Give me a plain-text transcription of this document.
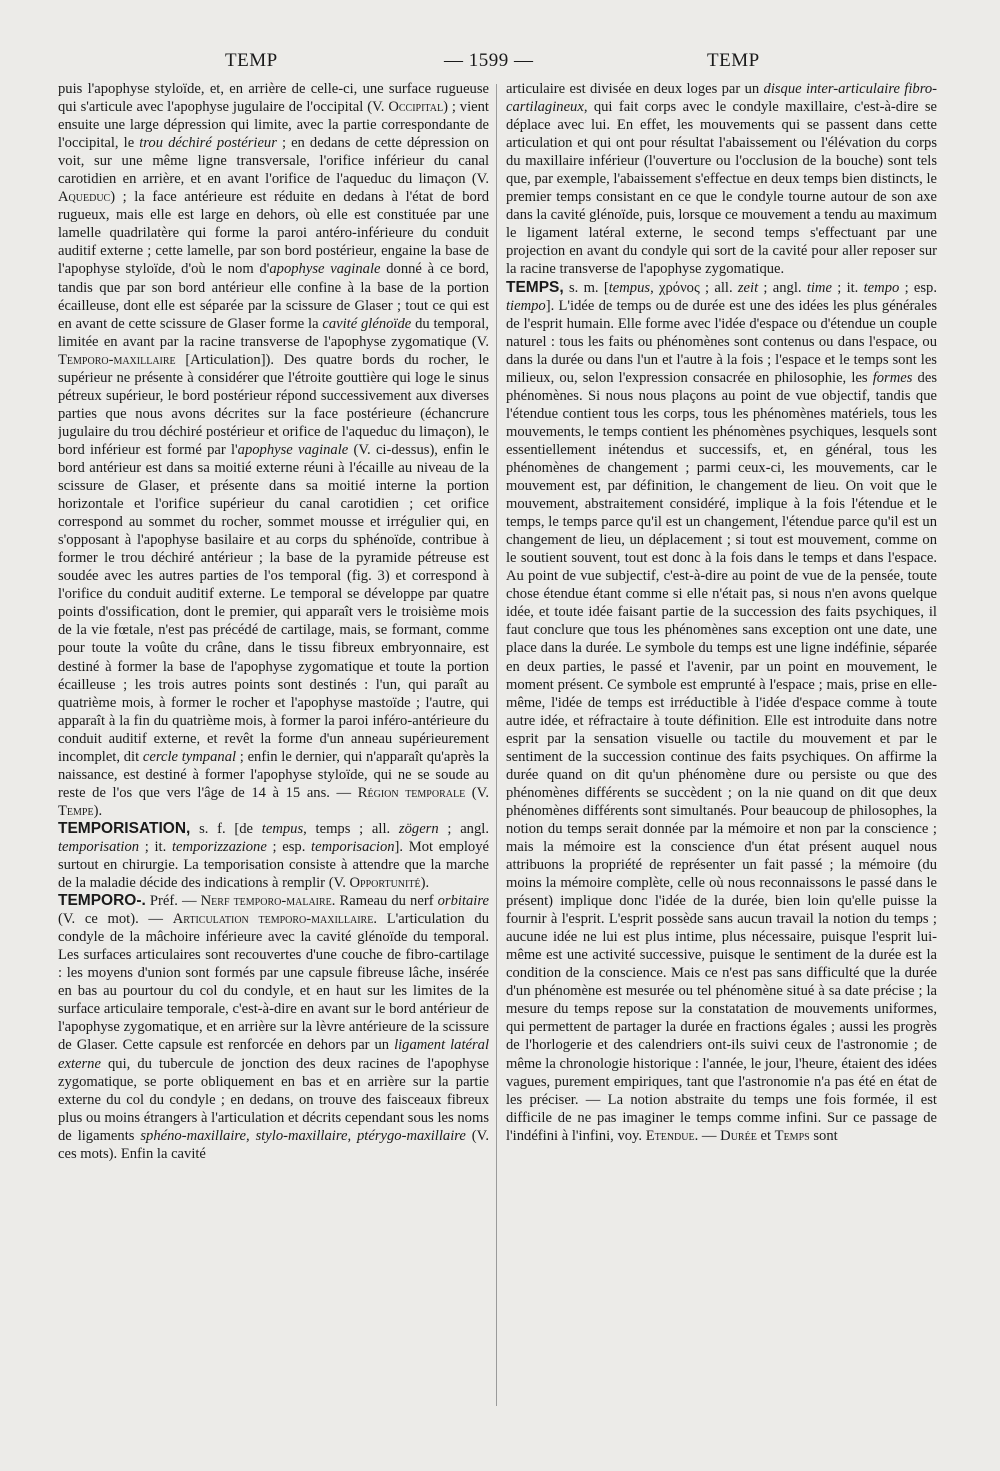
TEMP	— 1599 —	TEMP

puis l'apophyse styloïde, et, en arrière de celle-ci, une surface rugueuse qui s'articule avec l'apophyse jugulaire de l'occipital (V. Occipital) ; vient ensuite une large dépression qui limite, avec la partie correspondante de l'occipital, le trou déchiré postérieur ; en dedans de cette dépression on voit, sur une même ligne transversale, l'orifice inférieur du canal carotidien en arrière, et en avant l'orifice de l'aqueduc du limaçon (V. Aqueduc) ; la face antérieure est réduite en dedans à l'état de bord rugueux, mais elle est large en dehors, où elle est constituée par une lamelle quadrilatère qui forme la paroi antéro-inférieure du conduit auditif externe ; cette lamelle, par son bord postérieur, engaine la base de l'apophyse styloïde, d'où le nom d'apophyse vaginale donné à ce bord, tandis que par son bord antérieur elle confine à la base de la portion écailleuse, dont elle est séparée par la scissure de Glaser ; tout ce qui est en avant de cette scissure de Glaser forme la cavité glénoïde du temporal, limitée en avant par la racine transverse de l'apophyse zygomatique (V. Temporo-maxillaire [Articulation]). Des quatre bords du rocher, le supérieur ne présente à considérer que l'étroite gouttière qui loge le sinus pétreux supérieur, le bord postérieur répond successivement aux diverses parties que nous avons décrites sur la face postérieure (échancrure jugulaire du trou déchiré postérieur et orifice de l'aqueduc du limaçon), le bord inférieur est formé par l'apophyse vaginale (V. ci-dessus), enfin le bord antérieur est dans sa moitié externe réuni à l'écaille au niveau de la scissure de Glaser, et présente dans sa moitié interne la portion horizontale et l'orifice supérieur du canal carotidien ; cet orifice correspond au sommet du rocher, sommet mousse et irrégulier qui, en s'opposant à l'apophyse basilaire et au corps du sphénoïde, contribue à former le trou déchiré antérieur ; la base de la pyramide pétreuse est soudée avec les autres parties de l'os temporal (fig. 3) et correspond à l'orifice du conduit auditif externe. Le temporal se développe par quatre points d'ossification, dont le premier, qui apparaît vers le troisième mois de la vie fœtale, n'est pas précédé de cartilage, mais, se formant, comme pour toute la voûte du crâne, dans le tissu fibreux embryonnaire, est destiné à former la base de l'apophyse zygomatique et toute la portion écailleuse ; les trois autres points sont destinés : l'un, qui paraît au quatrième mois, à former le rocher et l'apophyse mastoïde ; l'autre, qui apparaît à la fin du quatrième mois, à former la paroi inféro-antérieure du conduit auditif externe, et revêt la forme d'un anneau supérieurement incomplet, dit cercle tympanal ; enfin le dernier, qui n'apparaît qu'après la naissance, est destiné à former l'apophyse styloïde, qui ne se soude au reste de l'os que vers l'âge de 14 à 15 ans. — Région temporale (V. Tempe).

TEMPORISATION, s. f. [de tempus, temps ; all. zögern ; angl. temporisation ; it. temporizzazione ; esp. temporisacion]. Mot employé surtout en chirurgie. La temporisation consiste à attendre que la marche de la maladie décide des indications à remplir (V. Opportunité).

TEMPORO-. Préf. — Nerf temporo-malaire. Rameau du nerf orbitaire (V. ce mot). — Articulation temporo-maxillaire. L'articulation du condyle de la mâchoire inférieure avec la cavité glénoïde du temporal. Les surfaces articulaires sont recouvertes d'une couche de fibro-cartilage : les moyens d'union sont formés par une capsule fibreuse lâche, insérée en bas au pourtour du col du condyle, et en haut sur les limites de la surface articulaire temporale, c'est-à-dire en avant sur le bord antérieur de l'apophyse zygomatique, et en arrière sur la lèvre antérieure de la scissure de Glaser. Cette capsule est renforcée en dehors par un ligament latéral externe qui, du tubercule de jonction des deux racines de l'apophyse zygomatique, se porte obliquement en bas et en arrière sur la partie externe du col du condyle ; en dedans, on trouve des faisceaux fibreux plus ou moins étrangers à l'articulation et décrits cependant sous les noms de ligaments sphéno-maxillaire, stylo-maxillaire, ptérygo-maxillaire (V. ces mots). Enfin la cavité

articulaire est divisée en deux loges par un disque inter-articulaire fibro-cartilagineux, qui fait corps avec le condyle maxillaire, c'est-à-dire se déplace avec lui. En effet, les mouvements qui se passent dans cette articulation et qui ont pour résultat l'abaissement ou l'élévation du corps du maxillaire inférieur (l'ouverture ou l'occlusion de la bouche) sont tels que, par exemple, l'abaissement s'effectue en deux temps bien distincts, le premier temps consistant en ce que le condyle tourne autour de son axe dans la cavité glénoïde, puis, lorsque ce mouvement a tendu au maximum le ligament latéral externe, le second temps s'effectuant par une projection en avant du condyle qui sort de la cavité pour aller reposer sur la racine transverse de l'apophyse zygomatique.

TEMPS, s. m. [tempus, χρόνος ; all. zeit ; angl. time ; it. tempo ; esp. tiempo]. L'idée de temps ou de durée est une des idées les plus générales de l'esprit humain. Elle forme avec l'idée d'espace ou d'étendue un couple naturel : tous les faits ou phénomènes sont contenus ou dans l'espace, ou dans la durée ou dans l'un et l'autre à la fois ; l'espace et le temps sont les milieux, ou, selon l'expression consacrée en philosophie, les formes des phénomènes. Si nous nous plaçons au point de vue objectif, tandis que l'étendue contient tous les corps, tous les phénomènes matériels, tous les mouvements, le temps contient les phénomènes psychiques, lesquels sont essentiellement inétendus et successifs, et, en général, tous les phénomènes de changement ; parmi ceux-ci, les mouvements, car le mouvement est, par définition, le changement de lieu. On voit que le mouvement, abstraitement considéré, implique à la fois l'étendue et le temps, le temps parce qu'il est un changement, l'étendue parce qu'il est un changement de lieu, un déplacement ; si tout est mouvement, comme on le soutient souvent, tout est donc à la fois dans le temps et dans l'espace. Au point de vue subjectif, c'est-à-dire au point de vue de la pensée, toute chose étendue étant comme si elle n'était pas, si nous n'en avons quelque idée, et toute idée faisant partie de la succession des faits psychiques, il faut conclure que tous les phénomènes sans exception ont une date, une place dans la durée. Le symbole du temps est une ligne indéfinie, séparée en deux parties, le passé et l'avenir, par un point en mouvement, le moment présent. Ce symbole est emprunté à l'espace ; mais, prise en elle-même, l'idée de temps est irréductible à l'idée d'espace comme à toute autre idée, et réfractaire à toute définition. Elle est introduite dans notre esprit par la sensation visuelle ou tactile du mouvement et par le sentiment de la succession continue des faits psychiques. On affirme la durée quand on dit qu'un phénomène dure ou persiste ou que des phénomènes différents se succèdent ; on la nie quand on dit que deux phénomènes différents sont simultanés. Pour beaucoup de philosophes, la notion du temps serait donnée par la mémoire et non par la conscience ; mais la mémoire est la conscience d'un état présent auquel nous attribuons la propriété de représenter un fait passé ; la mémoire (du moins la mémoire complète, celle où nous reconnaissons le passé dans le présent) implique donc l'idée de la durée, bien loin qu'elle puisse la fournir à l'esprit. L'esprit possède sans aucun travail la notion du temps ; aucune idée ne lui est plus intime, plus nécessaire, puisque l'esprit lui-même est une activité successive, puisque le sentiment de la durée est la condition de la conscience. Mais ce n'est pas sans difficulté que la durée d'un phénomène est mesurée ou tel phénomène situé à sa date précise ; la mesure du temps repose sur la constatation de mouvements uniformes, qui permettent de partager la durée en fractions égales ; aussi les progrès de l'horlogerie et des calendriers ont-ils suivi ceux de l'astronomie ; de même la chronologie historique : l'année, le jour, l'heure, étaient des idées vagues, purement empiriques, tant que l'astronomie n'a pas été en état de les préciser. — La notion abstraite du temps une fois formée, il est difficile de ne pas imaginer le temps comme infini. Sur ce passage de l'indéfini à l'infini, voy. Etendue. — Durée et Temps sont
